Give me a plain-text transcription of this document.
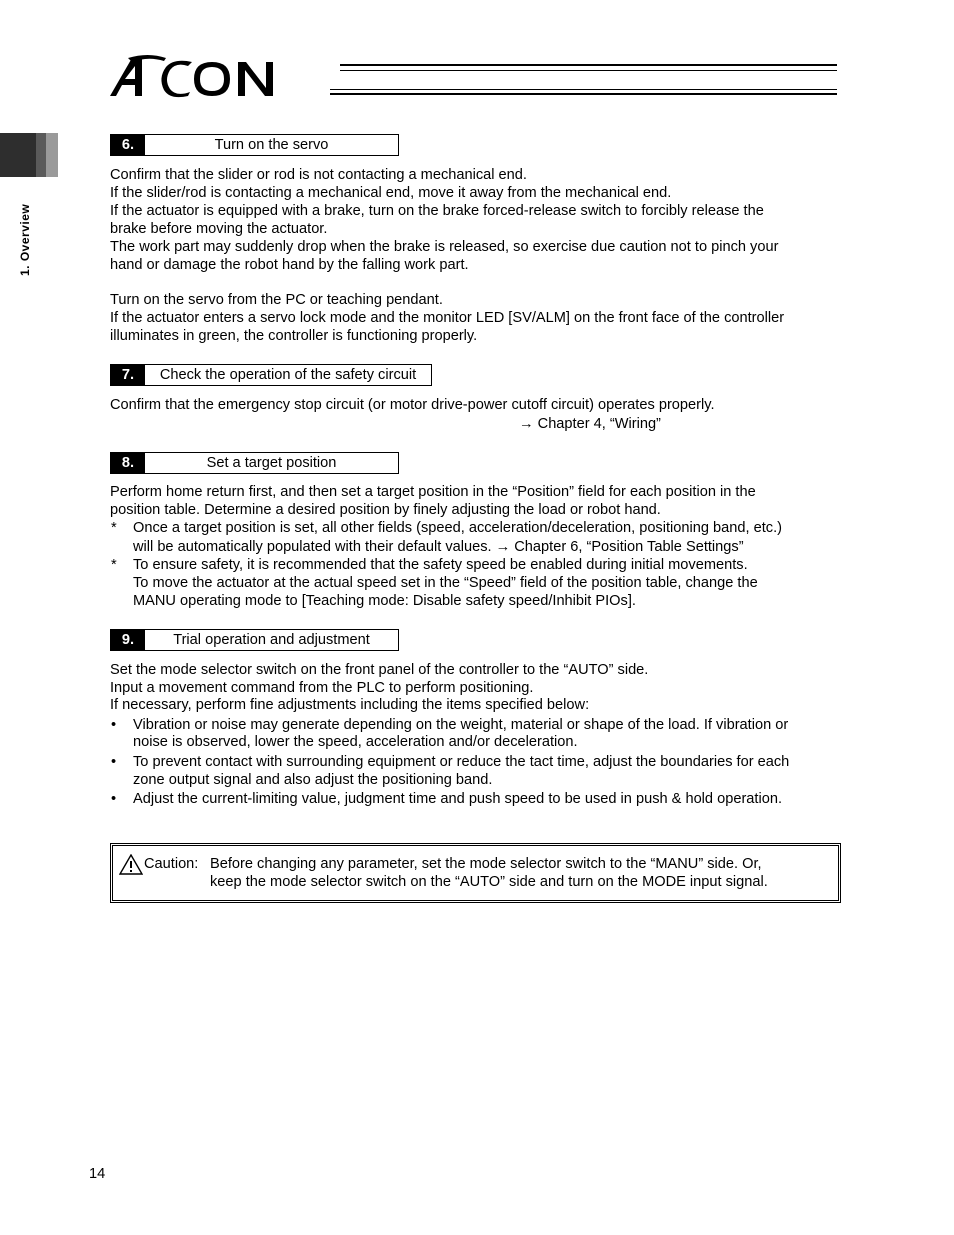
1. Overview
6.	Turn on the servo
Confirm that the slider or rod is not contacting a mechanical end.
If the slider/rod is contacting a mechanical end, move it away from the mechanical end.
If the actuator is equipped with a brake, turn on the brake forced-release switch to forcibly release the
brake before moving the actuator.
The work part may suddenly drop when the brake is released, so exercise due caution not to pinch your
hand or damage the robot hand by the falling work part.
Turn on the servo from the PC or teaching pendant.
If the actuator enters a servo lock mode and the monitor LED [SV/ALM] on the front face of the controller
illuminates in green, the controller is functioning properly.
7.	Check the operation of the safety circuit
Confirm that the emergency stop circuit (or motor drive-power cutoff circuit) operates properly.
→ Chapter 4, “Wiring”
8.	Set a target position
Perform home return first, and then set a target position in the “Position” field for each position in the
position table. Determine a desired position by finely adjusting the load or robot hand.
* Once a target position is set, all other fields (speed, acceleration/deceleration, positioning band, etc.)
will be automatically populated with their default values. → Chapter 6, “Position Table Settings”
* To ensure safety, it is recommended that the safety speed be enabled during initial movements.
To move the actuator at the actual speed set in the “Speed” field of the position table, change the
MANU operating mode to [Teaching mode: Disable safety speed/Inhibit PIOs].
9.	Trial operation and adjustment
Set the mode selector switch on the front panel of the controller to the “AUTO” side.
Input a movement command from the PLC to perform positioning.
If necessary, perform fine adjustments including the items specified below:
• Vibration or noise may generate depending on the weight, material or shape of the load. If vibration or
noise is observed, lower the speed, acceleration and/or deceleration.
• To prevent contact with surrounding equipment or reduce the tact time, adjust the boundaries for each
zone output signal and also adjust the positioning band.
• Adjust the current-limiting value, judgment time and push speed to be used in push & hold operation.
Caution: Before changing any parameter, set the mode selector switch to the “MANU” side. Or,
keep the mode selector switch on the “AUTO” side and turn on the MODE input signal.
14
